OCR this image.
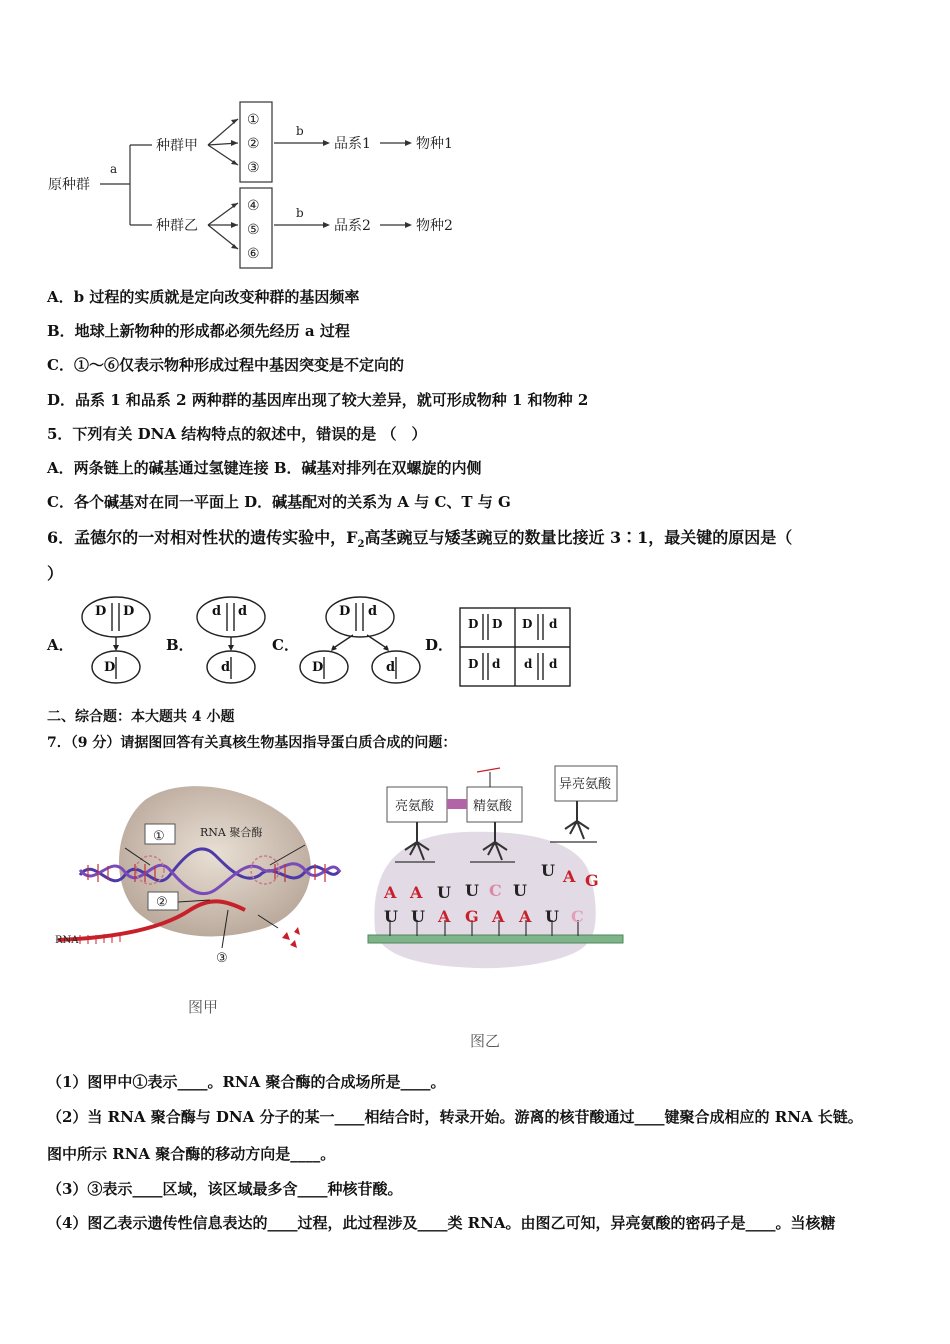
原种群
a
种群甲
种群乙
①
②
③
④
⑤
⑥
b
b
品系1
品系2
物种1
物种2
A．b 过程的实质就是定向改变种群的基因频率
B．地球上新物种的形成都必须先经历 a 过程
C．①～⑥仅表示物种形成过程中基因突变是不定向的
D．品系 1 和品系 2 两种群的基因库出现了较大差异，就可形成物种 1 和物种 2
5．下列有关 DNA 结构特点的叙述中，错误的是 （　）
A．两条链上的碱基通过氢键连接 B．碱基对排列在双螺旋的内侧
C．各个碱基对在同一平面上 D．碱基配对的关系为 A 与 C、T 与 G
6．孟德尔的一对相对性状的遗传实验中，$F_2$高茎豌豆与矮茎豌豆的数量比接近 3∶1，最关键的原因是（
）
A．	B．	C．	D．
D D
D
d d
d
D d
D	d
D D D d
D d d d
二、综合题：本大题共 4 小题
7．（9 分）请据图回答有关真核生物基因指导蛋白质合成的问题：
①
②
③
RNA 聚合酶
RNA
图甲
A A U U C U
U A G
U U A G A A U C
亮氨酸	精氨酸
异亮氨酸
图乙
（1）图甲中①表示____。RNA 聚合酶的合成场所是____。
（2）当 RNA 聚合酶与 DNA 分子的某一____相结合时，转录开始。游离的核苷酸通过____键聚合成相应的 RNA 长链。
图中所示 RNA 聚合酶的移动方向是____。
（3）③表示____区域，该区域最多含____种核苷酸。
（4）图乙表示遗传性信息表达的____过程，此过程涉及____类 RNA。由图乙可知，异亮氨酸的密码子是____。当核糖
